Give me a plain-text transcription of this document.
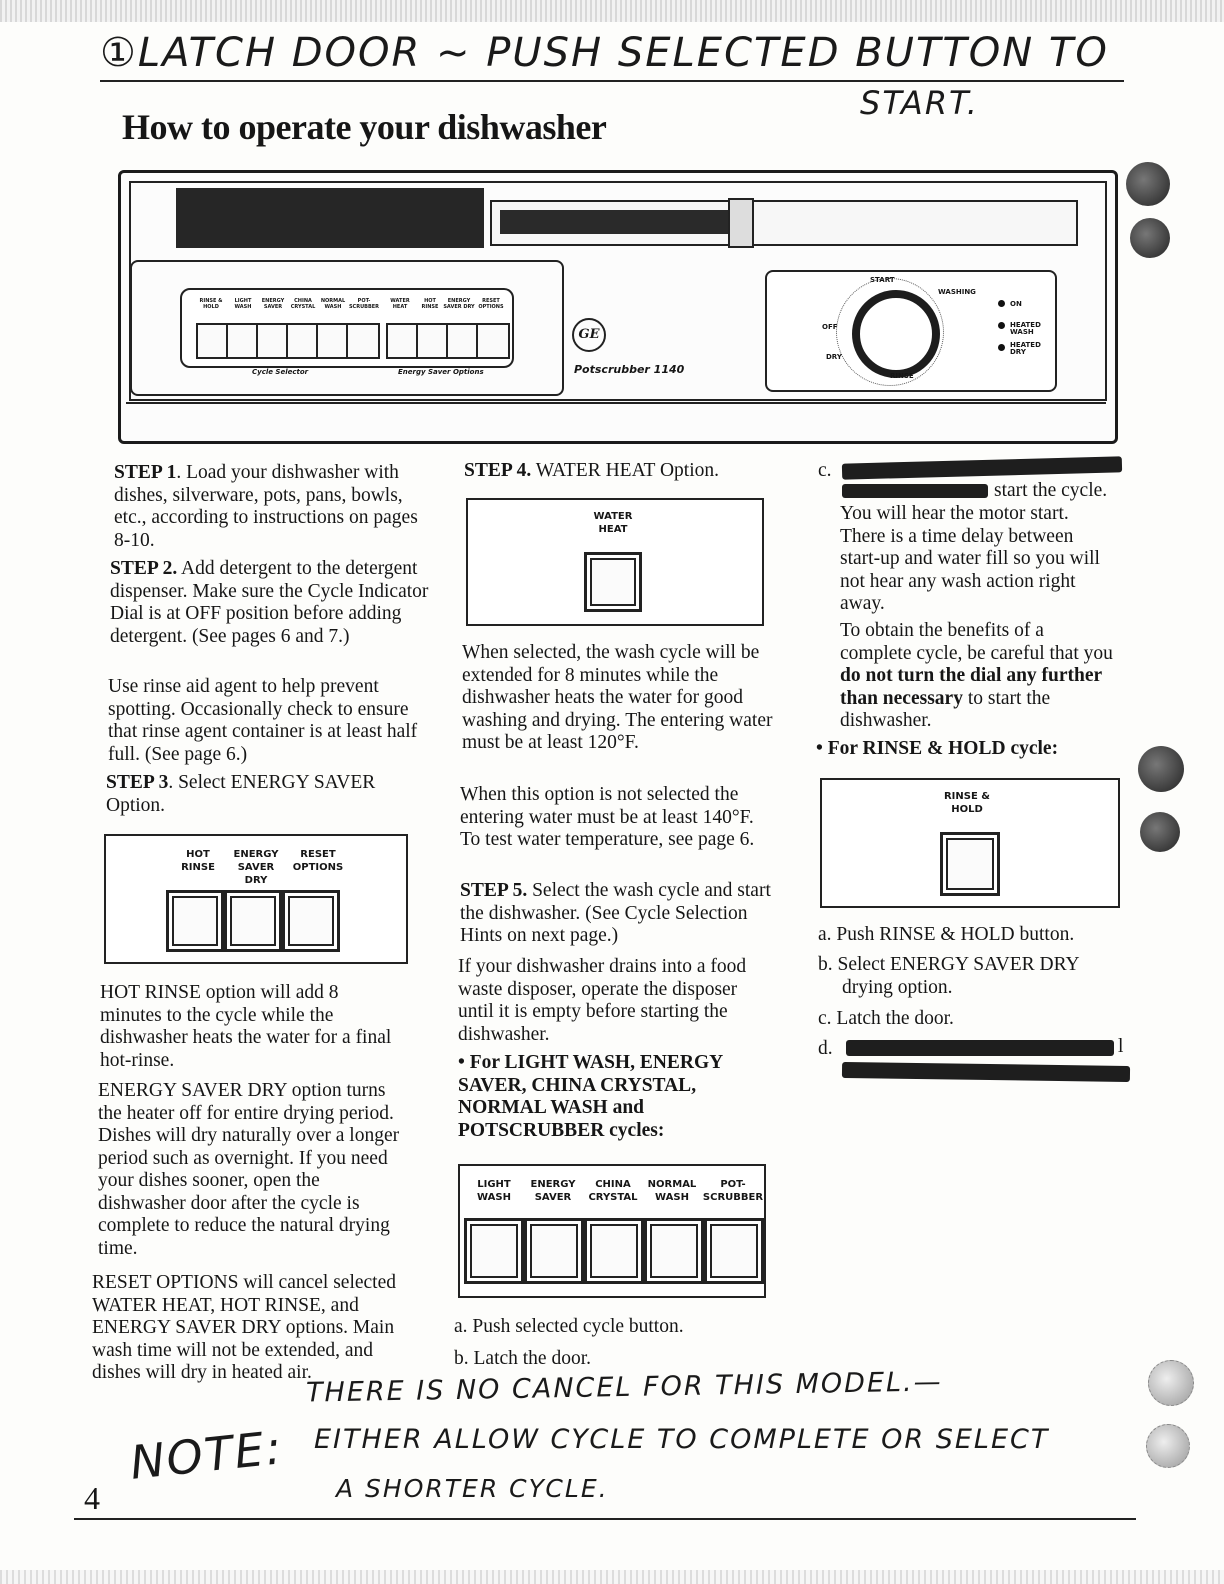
①LATCH DOOR ~ PUSH SELECTED BUTTON TO
START.
How to operate your dishwasher
RINSE & HOLD
LIGHT WASH
ENERGY SAVER
CHINA CRYSTAL
NORMAL WASH
POT-SCRUBBER
WATER HEAT
HOT RINSE
ENERGY SAVER DRY
RESET OPTIONS
Cycle Selector	Energy Saver Options
GE
Potscrubber 1140
START
WASHING
OFF
DRY
RINSE
ON
HEATED WASH
HEATED DRY
STEP 1. Load your dishwasher with dishes, silverware, pots, pans, bowls, etc., according to instructions on pages 8-10.
STEP 2. Add detergent to the detergent dispenser. Make sure the Cycle Indicator Dial is at OFF position before adding detergent. (See pages 6 and 7.)
Use rinse aid agent to help prevent spotting. Occasionally check to ensure that rinse agent container is at least half full. (See page 6.)
STEP 3. Select ENERGY SAVER Option.
HOT RINSE
ENERGY SAVER DRY
RESET OPTIONS
HOT RINSE option will add 8 minutes to the cycle while the dishwasher heats the water for a final hot-rinse.
ENERGY SAVER DRY option turns the heater off for entire drying period. Dishes will dry naturally over a longer period such as overnight. If you need your dishes sooner, open the dishwasher door after the cycle is complete to reduce the natural drying time.
RESET OPTIONS will cancel selected WATER HEAT, HOT RINSE, and ENERGY SAVER DRY options. Main wash time will not be extended, and dishes will dry in heated air.
STEP 4. WATER HEAT Option.
WATER HEAT
When selected, the wash cycle will be extended for 8 minutes while the dishwasher heats the water for good washing and drying. The entering water must be at least 120°F.
When this option is not selected the entering water must be at least 140°F. To test water temperature, see page 6.
STEP 5. Select the wash cycle and start the dishwasher. (See Cycle Selection Hints on next page.)
If your dishwasher drains into a food waste disposer, operate the disposer until it is empty before starting the dishwasher.
• For LIGHT WASH, ENERGY SAVER, CHINA CRYSTAL, NORMAL WASH and POTSCRUBBER cycles:
LIGHT WASH
ENERGY SAVER
CHINA CRYSTAL
NORMAL WASH
POT-SCRUBBER
a. Push selected cycle button.
b. Latch the door.
c.
start the cycle.
You will hear the motor start. There is a time delay between start-up and water fill so you will not hear any wash action right away.
To obtain the benefits of a complete cycle, be careful that you do not turn the dial any further than necessary to start the dishwasher.
• For RINSE & HOLD cycle:
RINSE & HOLD
a. Push RINSE & HOLD button.
b. Select ENERGY SAVER DRY drying option.
c. Latch the door.
d.	l
NOTE:
THERE IS NO CANCEL FOR THIS MODEL.—
EITHER ALLOW CYCLE TO COMPLETE OR SELECT
A SHORTER CYCLE.
4
